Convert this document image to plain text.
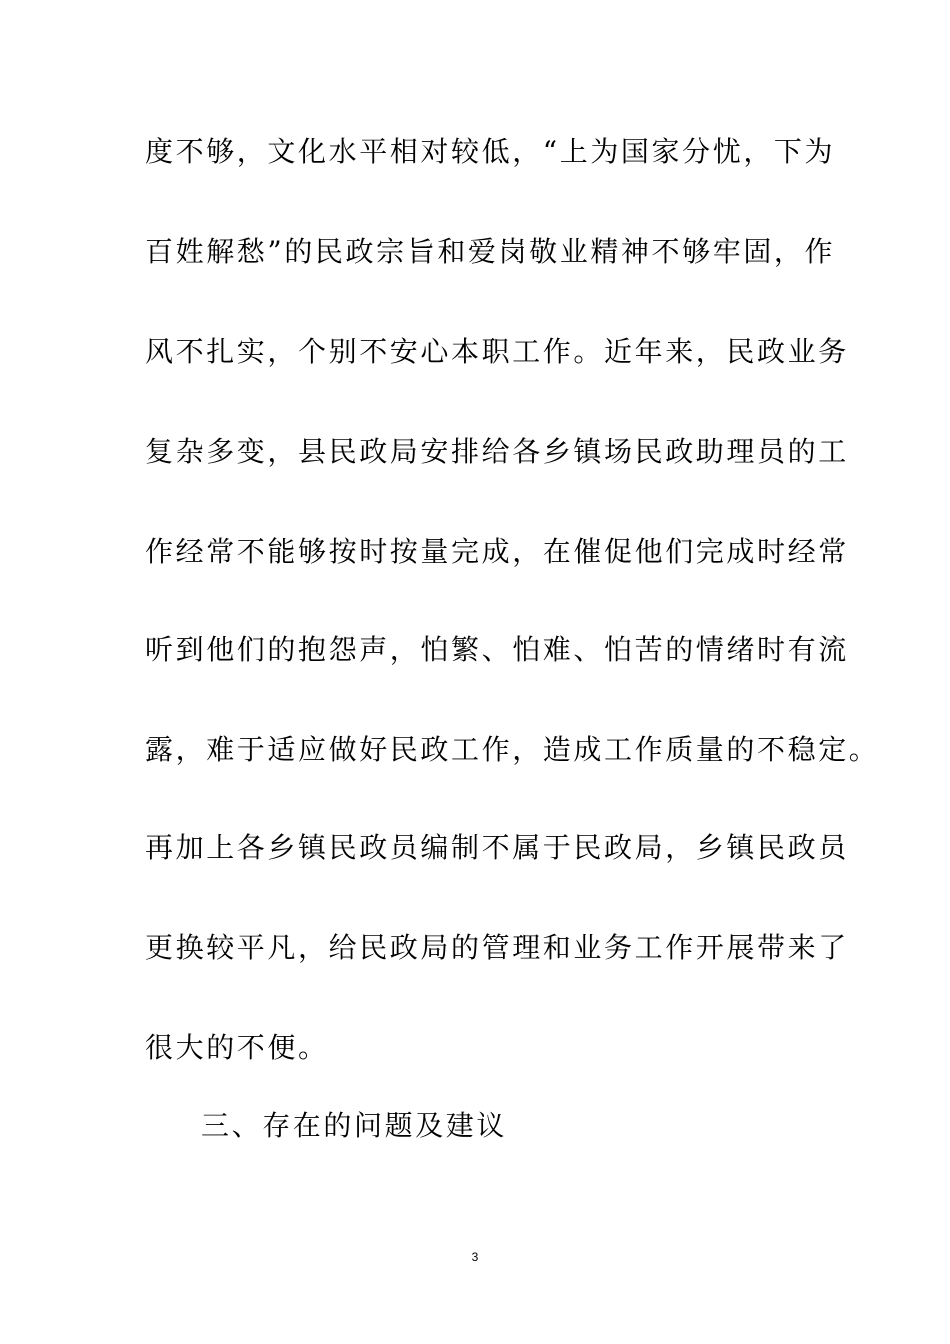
度不够，文化水平相对较低，“上为国家分忧，下为
百姓解愁”的民政宗旨和爱岗敬业精神不够牢固，作
风不扎实，个别不安心本职工作。近年来，民政业务
复杂多变，县民政局安排给各乡镇场民政助理员的工
作经常不能够按时按量完成，在催促他们完成时经常
听到他们的抱怨声，怕繁、怕难、怕苦的情绪时有流
露，难于适应做好民政工作，造成工作质量的不稳定。
再加上各乡镇民政员编制不属于民政局，乡镇民政员
更换较平凡，给民政局的管理和业务工作开展带来了
很大的不便。
三、存在的问题及建议
3
